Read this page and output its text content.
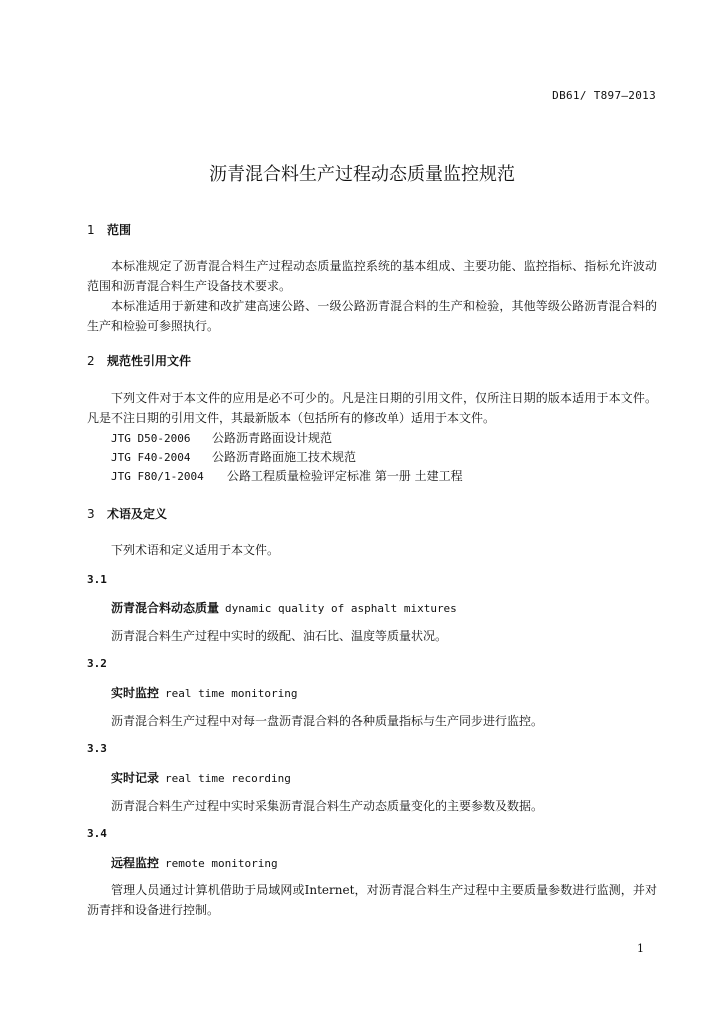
DB61/ T897—2013
沥青混合料生产过程动态质量监控规范
1 范围
本标准规定了沥青混合料生产过程动态质量监控系统的基本组成、主要功能、监控指标、指标允许波动范围和沥青混合料生产设备技术要求。
本标准适用于新建和改扩建高速公路、一级公路沥青混合料的生产和检验，其他等级公路沥青混合料的生产和检验可参照执行。
2 规范性引用文件
下列文件对于本文件的应用是必不可少的。凡是注日期的引用文件，仅所注日期的版本适用于本文件。凡是不注日期的引用文件，其最新版本（包括所有的修改单）适用于本文件。
JTG D50-2006 公路沥青路面设计规范
JTG F40-2004 公路沥青路面施工技术规范
JTG F80/1-2004 公路工程质量检验评定标准 第一册 土建工程
3 术语及定义
下列术语和定义适用于本文件。
3.1
沥青混合料动态质量 dynamic quality of asphalt mixtures
沥青混合料生产过程中实时的级配、油石比、温度等质量状况。
3.2
实时监控 real time monitoring
沥青混合料生产过程中对每一盘沥青混合料的各种质量指标与生产同步进行监控。
3.3
实时记录 real time recording
沥青混合料生产过程中实时采集沥青混合料生产动态质量变化的主要参数及数据。
3.4
远程监控 remote monitoring
管理人员通过计算机借助于局域网或Internet，对沥青混合料生产过程中主要质量参数进行监测，并对沥青拌和设备进行控制。
1
